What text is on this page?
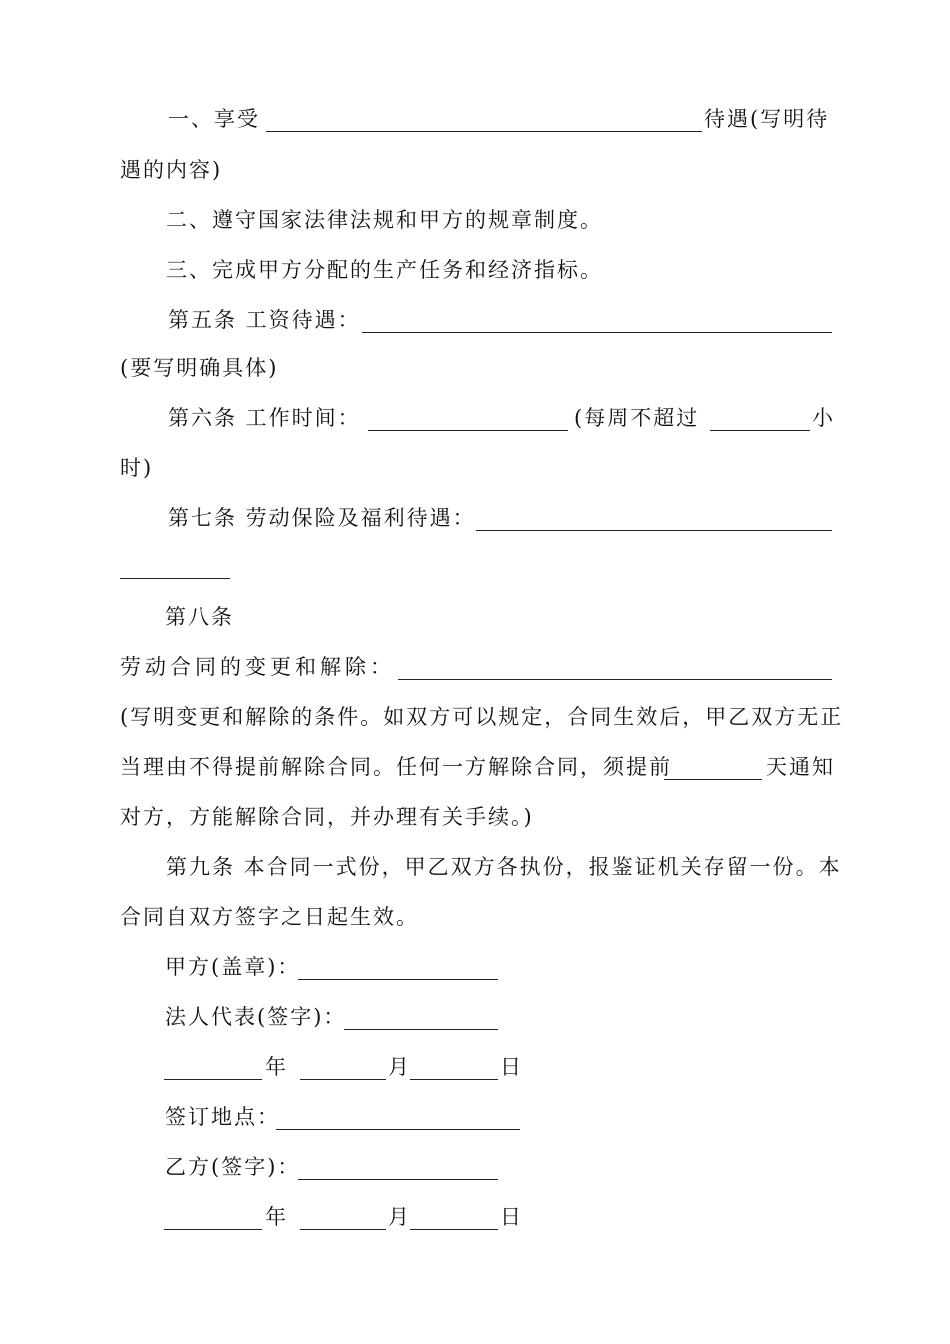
一、享受	待遇(写明待
遇的内容)
二、遵守国家法律法规和甲方的规章制度。
三、完成甲方分配的生产任务和经济指标。
第五条 工资待遇：
(要写明确具体)
第六条 工作时间：	(每周不超过	小
时)
第七条 劳动保险及福利待遇：
第八条
劳动合同的变更和解除：
(写明变更和解除的条件。如双方可以规定，合同生效后，甲乙双方无正
当理由不得提前解除合同。任何一方解除合同，须提前	天通知
对方，方能解除合同，并办理有关手续。)
第九条 本合同一式份，甲乙双方各执份，报鉴证机关存留一份。本
合同自双方签字之日起生效。
甲方(盖章)：
法人代表(签字)：
年	月	日
签订地点：
乙方(签字)：
年	月	日
